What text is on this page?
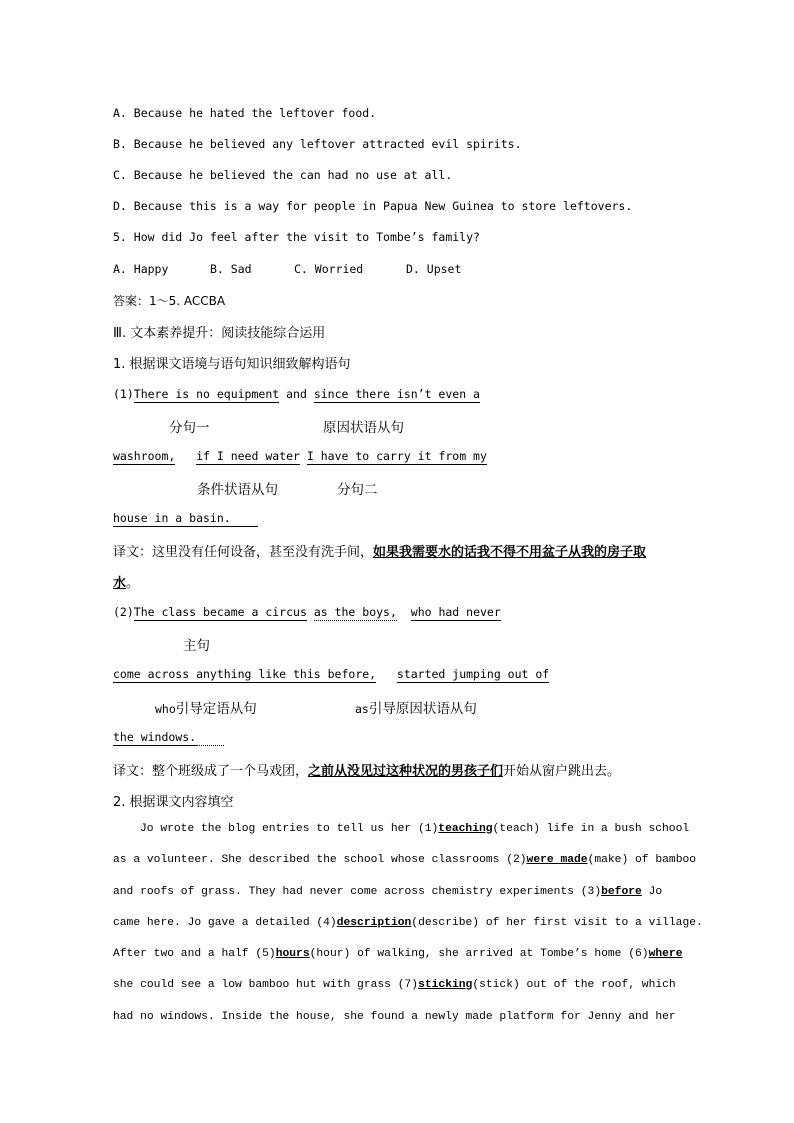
A. Because he hated the leftover food.
B. Because he believed any leftover attracted evil spirits.
C. Because he believed the can had no use at all.
D. Because this is a way for people in Papua New Guinea to store leftovers.
5. How did Jo feel after the visit to Tombe’s family?
A. Happy	B. Sad	C. Worried	D. Upset
答案：1～5. ACCBA
Ⅲ. 文本素养提升：阅读技能综合运用
1. 根据课文语境与语句知识细致解构语句
(1)There is no equipment and since there isn’t even a
分句一	原因状语从句
washroom, if I need water I have to carry it from my
条件状语从句	分句二
house in a basin.
译文：这里没有任何设备，甚至没有洗手间，如果我需要水的话我不得不用盆子从我的房子取
水。
(2)The class became a circus as the boys, who had never
主句
come across anything like this before, started jumping out of
who引导定语从句	as引导原因状语从句
the windows.
译文：整个班级成了一个马戏团，之前从没见过这种状况的男孩子们开始从窗户跳出去。
2. 根据课文内容填空
Jo wrote the blog entries to tell us her (1)teaching(teach) life in a bush school
as a volunteer. She described the school whose classrooms (2)were made(make) of bamboo
and roofs of grass. They had never come across chemistry experiments (3)before Jo
came here. Jo gave a detailed (4)description(describe) of her first visit to a village.
After two and a half (5)hours(hour) of walking, she arrived at Tombe’s home (6)where
she could see a low bamboo hut with grass (7)sticking(stick) out of the roof, which
had no windows. Inside the house, she found a newly made platform for Jenny and her
